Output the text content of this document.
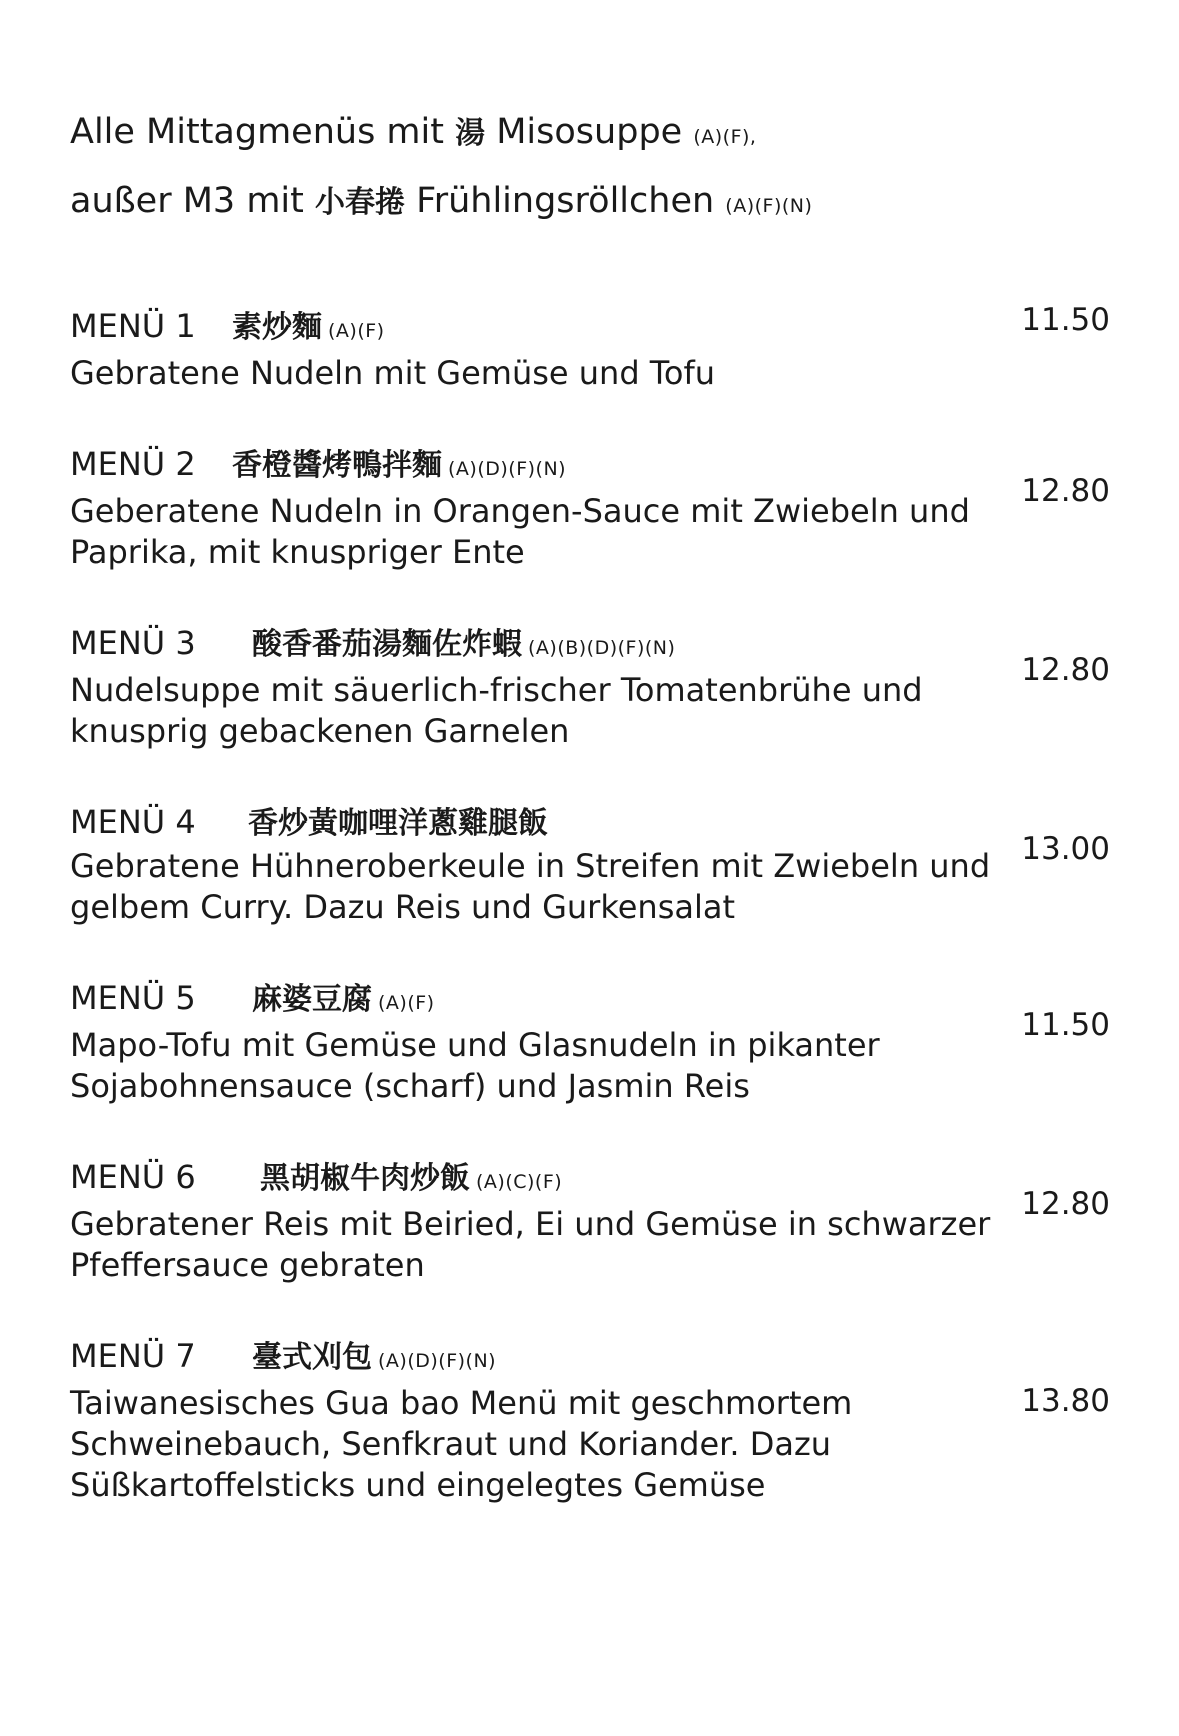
Alle Mittagmenüs mit 湯 Misosuppe (A)(F),
außer M3 mit 小春捲 Frühlingsröllchen (A)(F)(N)
MENÜ 1 素炒麵 (A)(F)
Gebratene Nudeln mit Gemüse und Tofu
11.50
MENÜ 2 香橙醬烤鴨拌麵 (A)(D)(F)(N)
Geberatene Nudeln in Orangen-Sauce mit Zwiebeln und Paprika, mit knuspriger Ente
12.80
MENÜ 3 酸香番茄湯麵佐炸蝦 (A)(B)(D)(F)(N)
Nudelsuppe mit säuerlich-frischer Tomatenbrühe und knusprig gebackenen Garnelen
12.80
MENÜ 4 香炒黃咖哩洋蔥雞腿飯
Gebratene Hühneroberkeule in Streifen mit Zwiebeln und gelbem Curry. Dazu Reis und Gurkensalat
13.00
MENÜ 5 麻婆豆腐 (A)(F)
Mapo-Tofu mit Gemüse und Glasnudeln in pikanter Sojabohnensauce (scharf) und Jasmin Reis
11.50
MENÜ 6 黑胡椒牛肉炒飯 (A)(C)(F)
Gebratener Reis mit Beiried, Ei und Gemüse in schwarzer Pfeffersauce gebraten
12.80
MENÜ 7 臺式刈包 (A)(D)(F)(N)
Taiwanesisches Gua bao Menü mit geschmortem Schweinebauch, Senfkraut und Koriander. Dazu Süßkartoffelsticks und eingelegtes Gemüse
13.80
